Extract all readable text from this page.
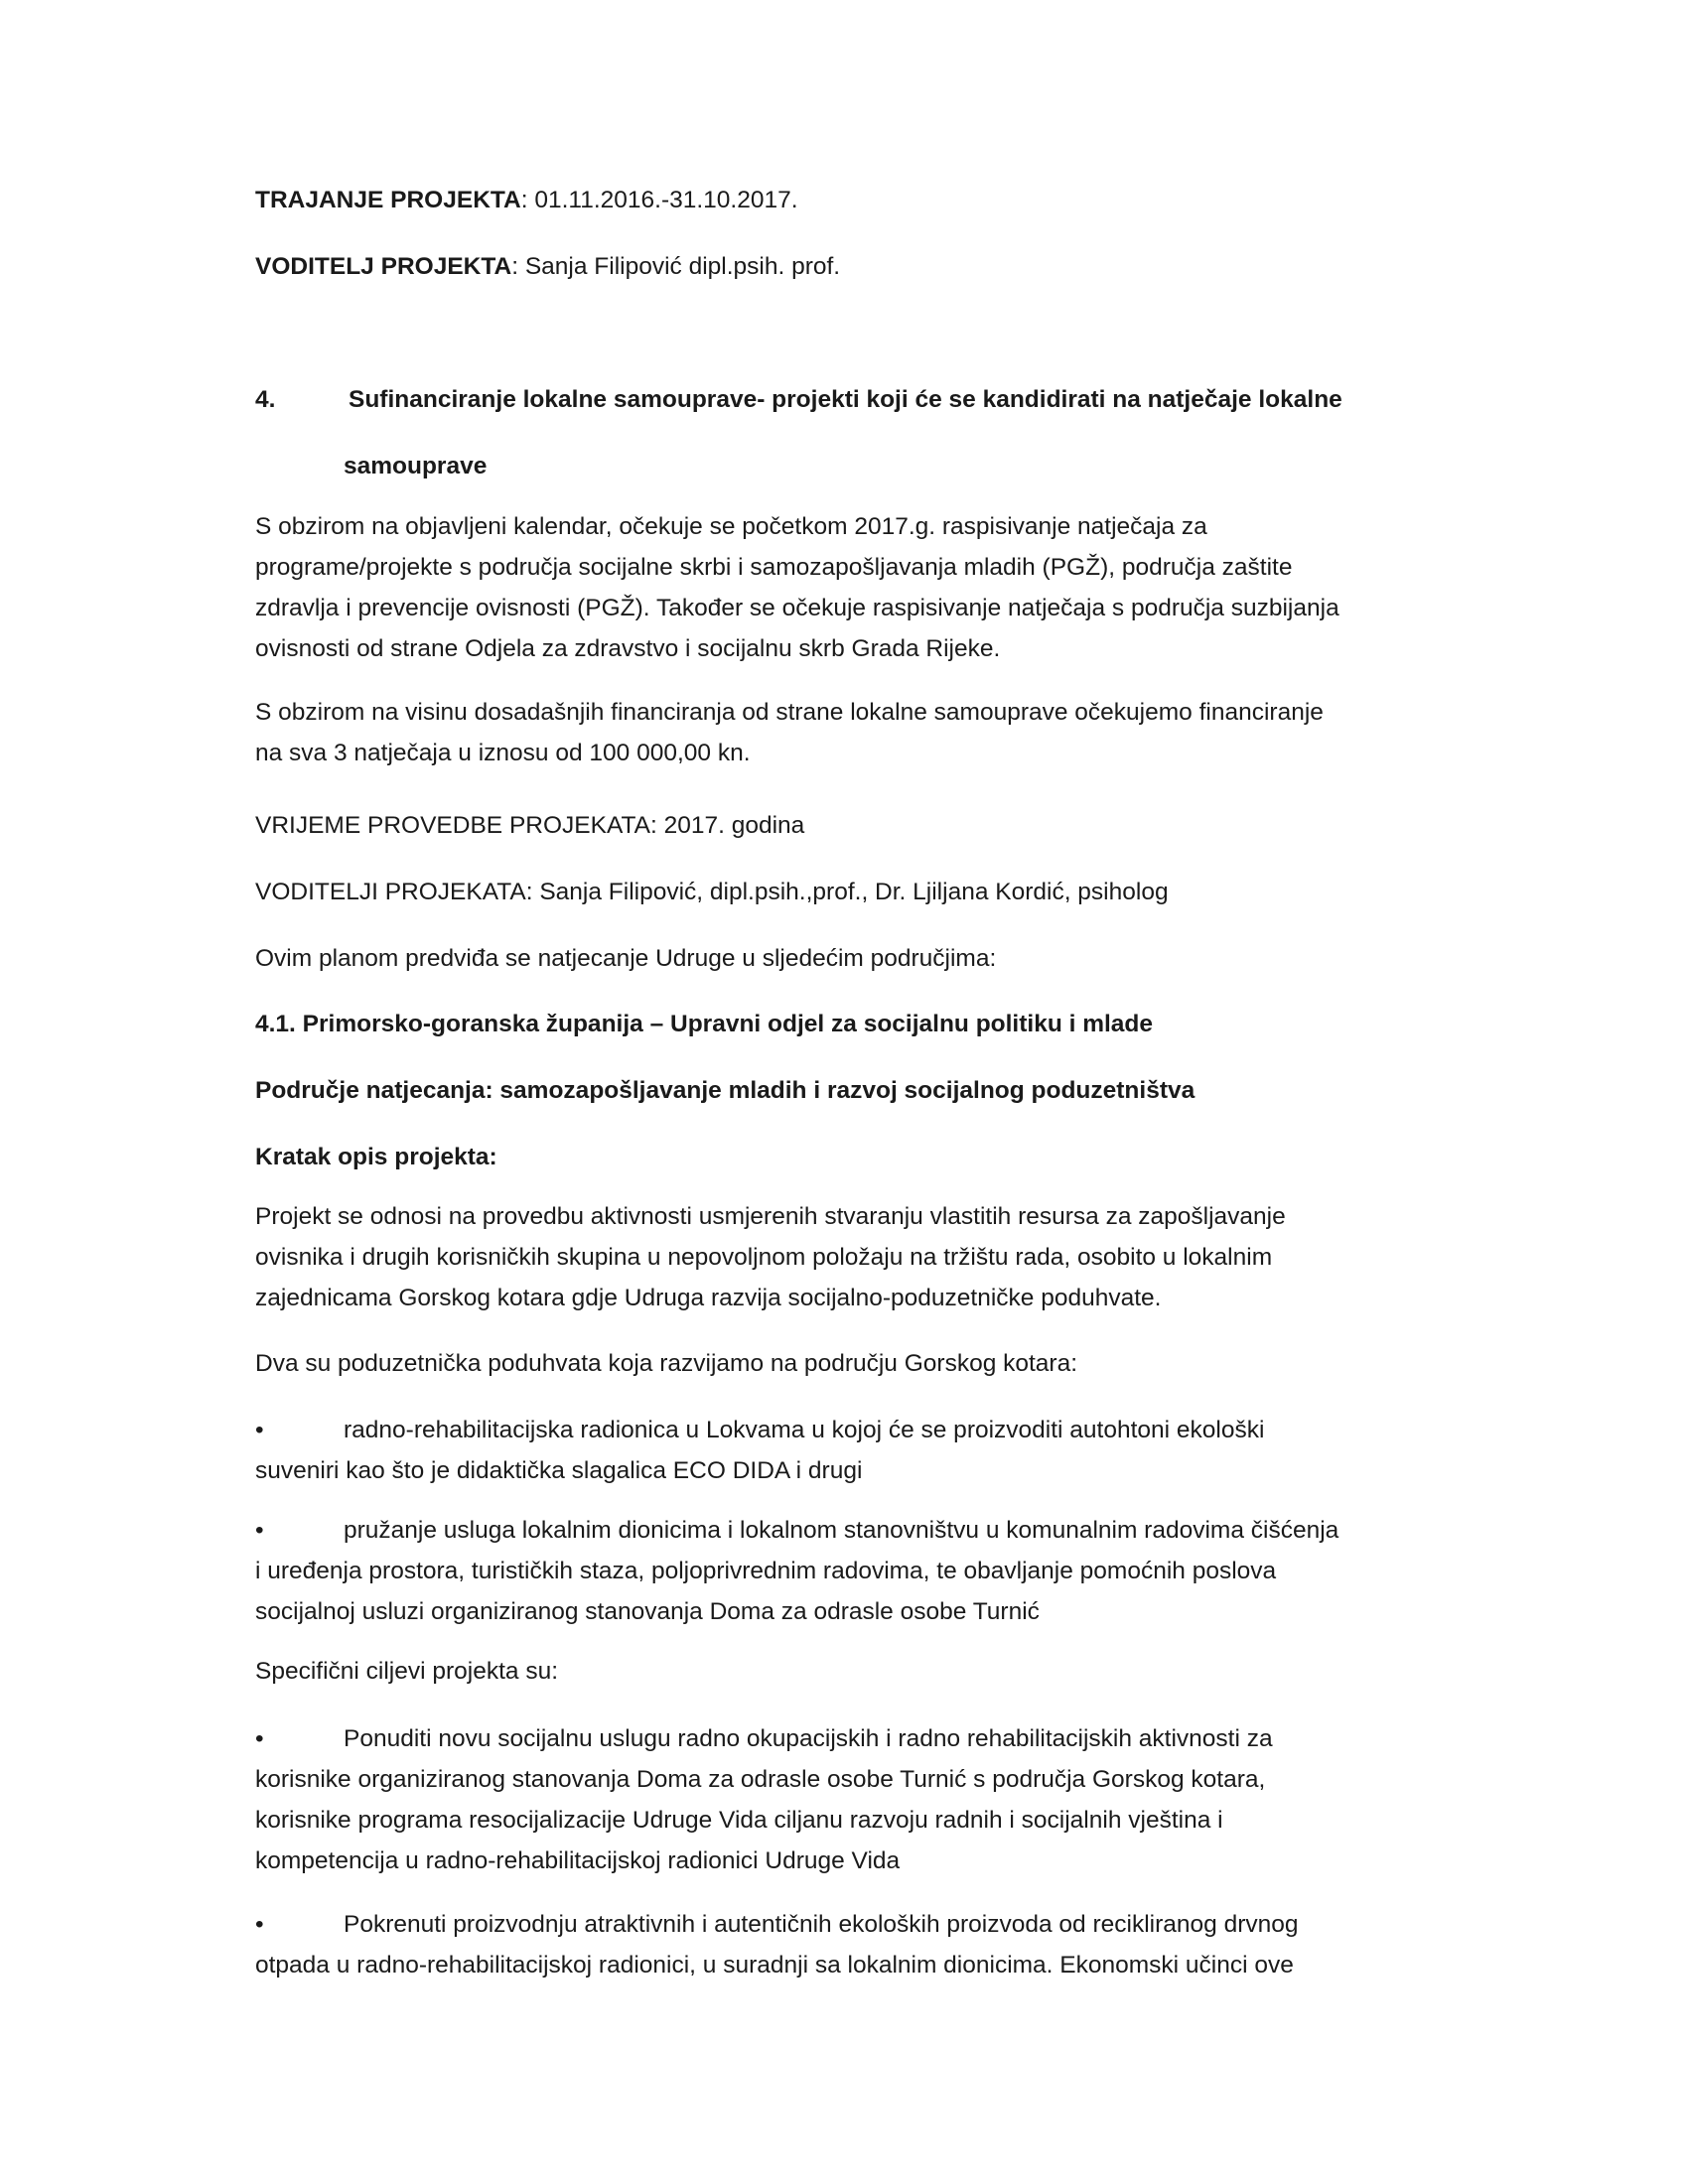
TRAJANJE PROJEKTA: 01.11.2016.-31.10.2017.

VODITELJ PROJEKTA: Sanja Filipović dipl.psih. prof.

4.	Sufinanciranje lokalne samouprave- projekti koji će se kandidirati na natječaje lokalne
samouprave
S obzirom na objavljeni kalendar, očekuje se početkom 2017.g. raspisivanje natječaja za
programe/projekte s područja socijalne skrbi i samozapošljavanja mladih (PGŽ), područja zaštite
zdravlja i prevencije ovisnosti (PGŽ). Također se očekuje raspisivanje natječaja s područja suzbijanja
ovisnosti od strane Odjela za zdravstvo i socijalnu skrb Grada Rijeke.
S obzirom na visinu dosadašnjih financiranja od strane lokalne samouprave očekujemo financiranje
na sva 3 natječaja u iznosu od 100 000,00 kn.

VRIJEME PROVEDBE PROJEKATA: 2017. godina

VODITELJI PROJEKATA: Sanja Filipović, dipl.psih.,prof., Dr. Ljiljana Kordić, psiholog

Ovim planom predviđa se natjecanje Udruge u sljedećim područjima:

4.1. Primorsko-goranska županija – Upravni odjel za socijalnu politiku i mlade

Područje natjecanja: samozapošljavanje mladih i razvoj socijalnog poduzetništva

Kratak opis projekta:

Projekt se odnosi na provedbu aktivnosti usmjerenih stvaranju vlastitih resursa za zapošljavanje
ovisnika i drugih korisničkih skupina u nepovoljnom položaju na tržištu rada, osobito u lokalnim
zajednicama Gorskog kotara gdje Udruga razvija socijalno-poduzetničke poduhvate.

Dva su poduzetnička poduhvata koja razvijamo na području Gorskog kotara:

•	radno-rehabilitacijska radionica u Lokvama u kojoj će se proizvoditi autohtoni ekološki
suveniri kao što je didaktička slagalica ECO DIDA i drugi
•	pružanje usluga lokalnim dionicima i lokalnom stanovništvu u komunalnim radovima čišćenja
i uređenja prostora, turističkih staza, poljoprivrednim radovima, te obavljanje pomoćnih poslova
socijalnoj usluzi organiziranog stanovanja Doma za odrasle osobe Turnić

Specifični ciljevi projekta su:

•	Ponuditi novu socijalnu uslugu radno okupacijskih i radno rehabilitacijskih aktivnosti za
korisnike organiziranog stanovanja Doma za odrasle osobe Turnić s područja Gorskog kotara,
korisnike programa resocijalizacije Udruge Vida ciljanu razvoju radnih i socijalnih vještina i
kompetencija u radno-rehabilitacijskoj radionici Udruge Vida
•	Pokrenuti proizvodnju atraktivnih i autentičnih ekoloških proizvoda od recikliranog drvnog
otpada u radno-rehabilitacijskoj radionici, u suradnji sa lokalnim dionicima. Ekonomski učinci ove
